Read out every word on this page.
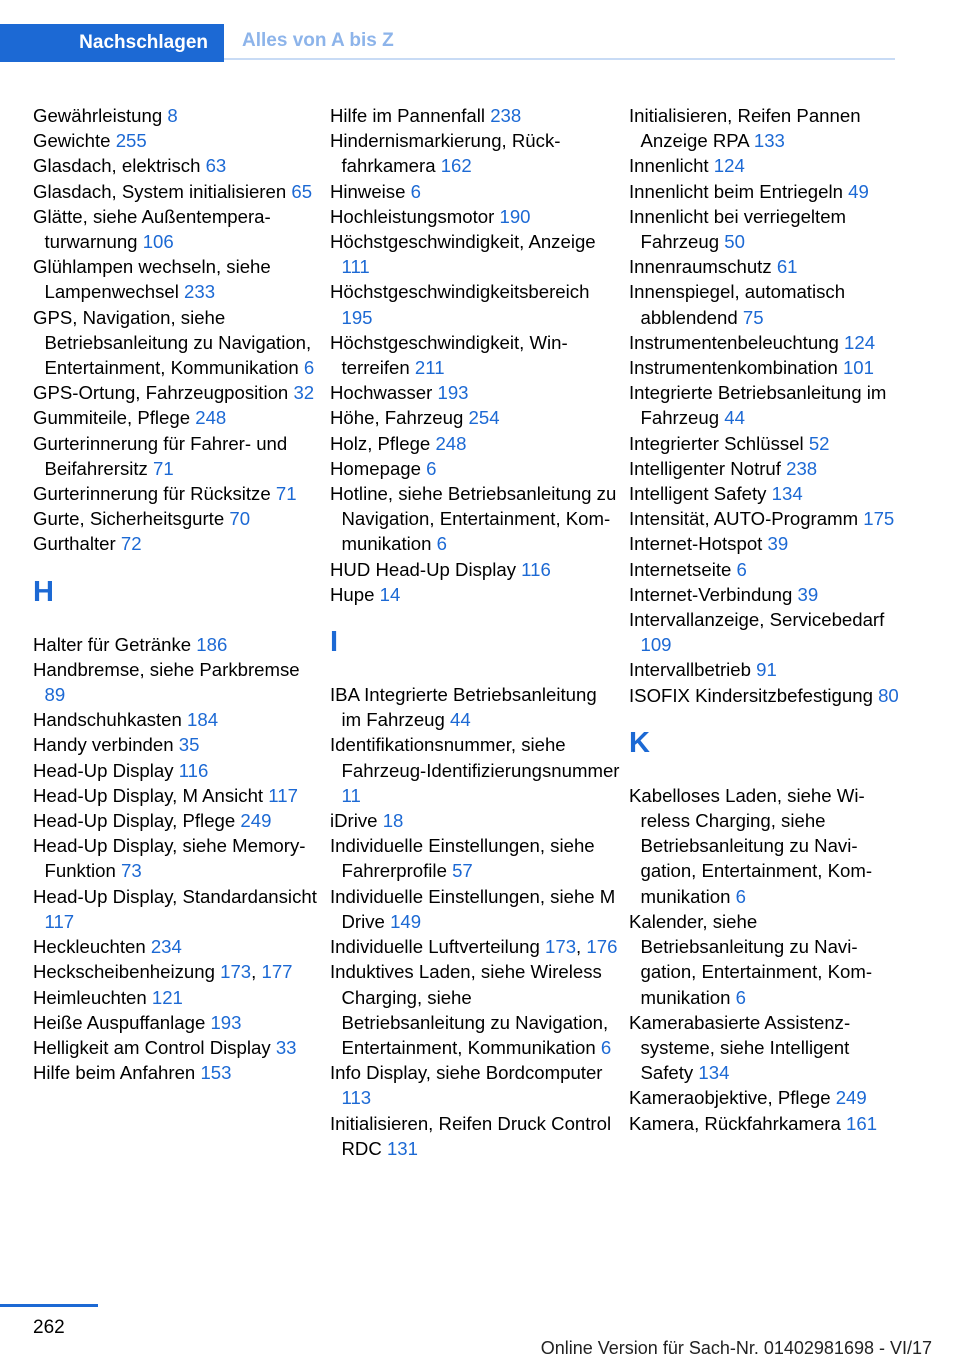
Nachschlagen	Alles von A bis Z
Gewährleistung 8
Gewichte 255
Glasdach, elektrisch 63
Glasdach, System initialisieren 65
Glätte, siehe Außentemperaturwarnung 106
Glühlampen wechseln, siehe Lampenwechsel 233
GPS, Navigation, siehe Betriebsanleitung zu Navigation, Entertainment, Kommunikation 6
GPS-Ortung, Fahrzeugposition 32
Gummiteile, Pflege 248
Gurterinnerung für Fahrer- und Beifahrersitz 71
Gurterinnerung für Rücksitze 71
Gurte, Sicherheitsgurte 70
Gurthalter 72
H
Halter für Getränke 186
Handbremse, siehe Parkbremse 89
Handschuhkasten 184
Handy verbinden 35
Head-Up Display 116
Head-Up Display, M Ansicht 117
Head-Up Display, Pflege 249
Head-Up Display, siehe Memory-Funktion 73
Head-Up Display, Standardansicht 117
Heckleuchten 234
Heckscheibenheizung 173, 177
Heimleuchten 121
Heiße Auspuffanlage 193
Helligkeit am Control Display 33
Hilfe beim Anfahren 153
Hilfe im Pannenfall 238
Hindernismarkierung, Rückfahrkamera 162
Hinweise 6
Hochleistungsmotor 190
Höchstgeschwindigkeit, Anzeige 111
Höchstgeschwindigkeitsbereich 195
Höchstgeschwindigkeit, Winterreifen 211
Hochwasser 193
Höhe, Fahrzeug 254
Holz, Pflege 248
Homepage 6
Hotline, siehe Betriebsanleitung zu Navigation, Entertainment, Kommunikation 6
HUD Head-Up Display 116
Hupe 14
I
IBA Integrierte Betriebsanleitung im Fahrzeug 44
Identifikationsnummer, siehe Fahrzeug-Identifizierungsnummer 11
iDrive 18
Individuelle Einstellungen, siehe Fahrerprofile 57
Individuelle Einstellungen, siehe M Drive 149
Individuelle Luftverteilung 173, 176
Induktives Laden, siehe Wireless Charging, siehe Betriebsanleitung zu Navigation, Entertainment, Kommunikation 6
Info Display, siehe Bordcomputer 113
Initialisieren, Reifen Druck Control RDC 131
Initialisieren, Reifen Pannen Anzeige RPA 133
Innenlicht 124
Innenlicht beim Entriegeln 49
Innenlicht bei verriegeltem Fahrzeug 50
Innenraumschutz 61
Innenspiegel, automatisch abblendend 75
Instrumentenbeleuchtung 124
Instrumentenkombination 101
Integrierte Betriebsanleitung im Fahrzeug 44
Integrierter Schlüssel 52
Intelligenter Notruf 238
Intelligent Safety 134
Intensität, AUTO-Programm 175
Internet-Hotspot 39
Internetseite 6
Internet-Verbindung 39
Intervallanzeige, Servicebedarf 109
Intervallbetrieb 91
ISOFIX Kindersitzbefestigung 80
K
Kabelloses Laden, siehe Wireless Charging, siehe Betriebsanleitung zu Navigation, Entertainment, Kommunikation 6
Kalender, siehe Betriebsanleitung zu Navigation, Entertainment, Kommunikation 6
Kamerabasierte Assistenzsysteme, siehe Intelligent Safety 134
Kameraobjektive, Pflege 249
Kamera, Rückfahrkamera 161
262
Online Version für Sach-Nr. 01402981698 - VI/17
